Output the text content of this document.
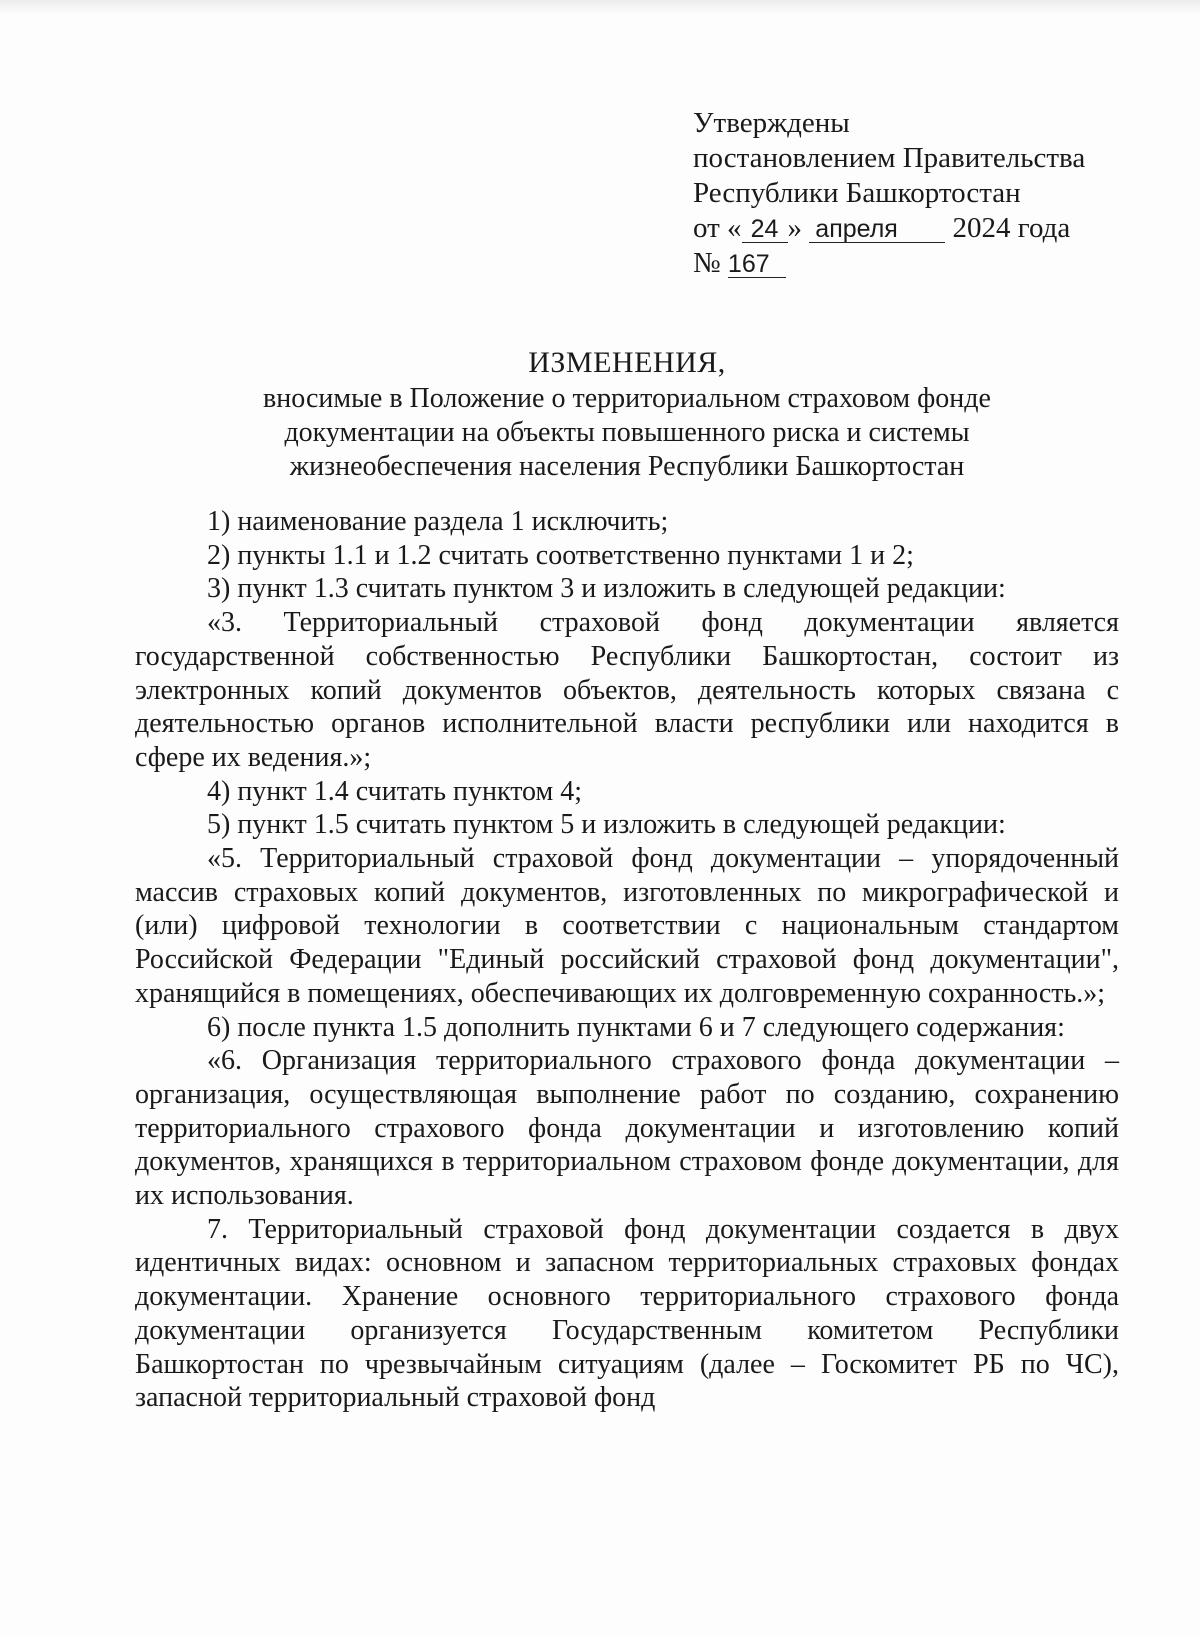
Утверждены
постановлением Правительства
Республики Башкортостан
от « 24 » апреля 2024 года
№ 167
ИЗМЕНЕНИЯ,
вносимые в Положение о территориальном страховом фонде
документации на объекты повышенного риска и системы
жизнеобеспечения населения Республики Башкортостан

1) наименование раздела 1 исключить;

2) пункты 1.1 и 1.2 считать соответственно пунктами 1 и 2;

3) пункт 1.3 считать пунктом 3 и изложить в следующей редакции:

«3. Территориальный страховой фонд документации является государственной собственностью Республики Башкортостан, состоит из электронных копий документов объектов, деятельность которых связана с деятельностью органов исполнительной власти республики или находится в сфере их ведения.»;

4) пункт 1.4 считать пунктом 4;

5) пункт 1.5 считать пунктом 5 и изложить в следующей редакции:

«5. Территориальный страховой фонд документации – упорядоченный массив страховых копий документов, изготовленных по микрографической и (или) цифровой технологии в соответствии с национальным стандартом Российской Федерации "Единый российский страховой фонд документации", хранящийся в помещениях, обеспечивающих их долговременную сохранность.»;

6) после пункта 1.5 дополнить пунктами 6 и 7 следующего содержания:

«6. Организация территориального страхового фонда документации – организация, осуществляющая выполнение работ по созданию, сохранению территориального страхового фонда документации и изготовлению копий документов, хранящихся в территориальном страховом фонде документации, для их использования.

7. Территориальный страховой фонд документации создается в двух идентичных видах: основном и запасном территориальных страховых фондах документации. Хранение основного территориального страхового фонда документации организуется Государственным комитетом Республики Башкортостан по чрезвычайным ситуациям (далее – Госкомитет РБ по ЧС), запасной территориальный страховой фонд
